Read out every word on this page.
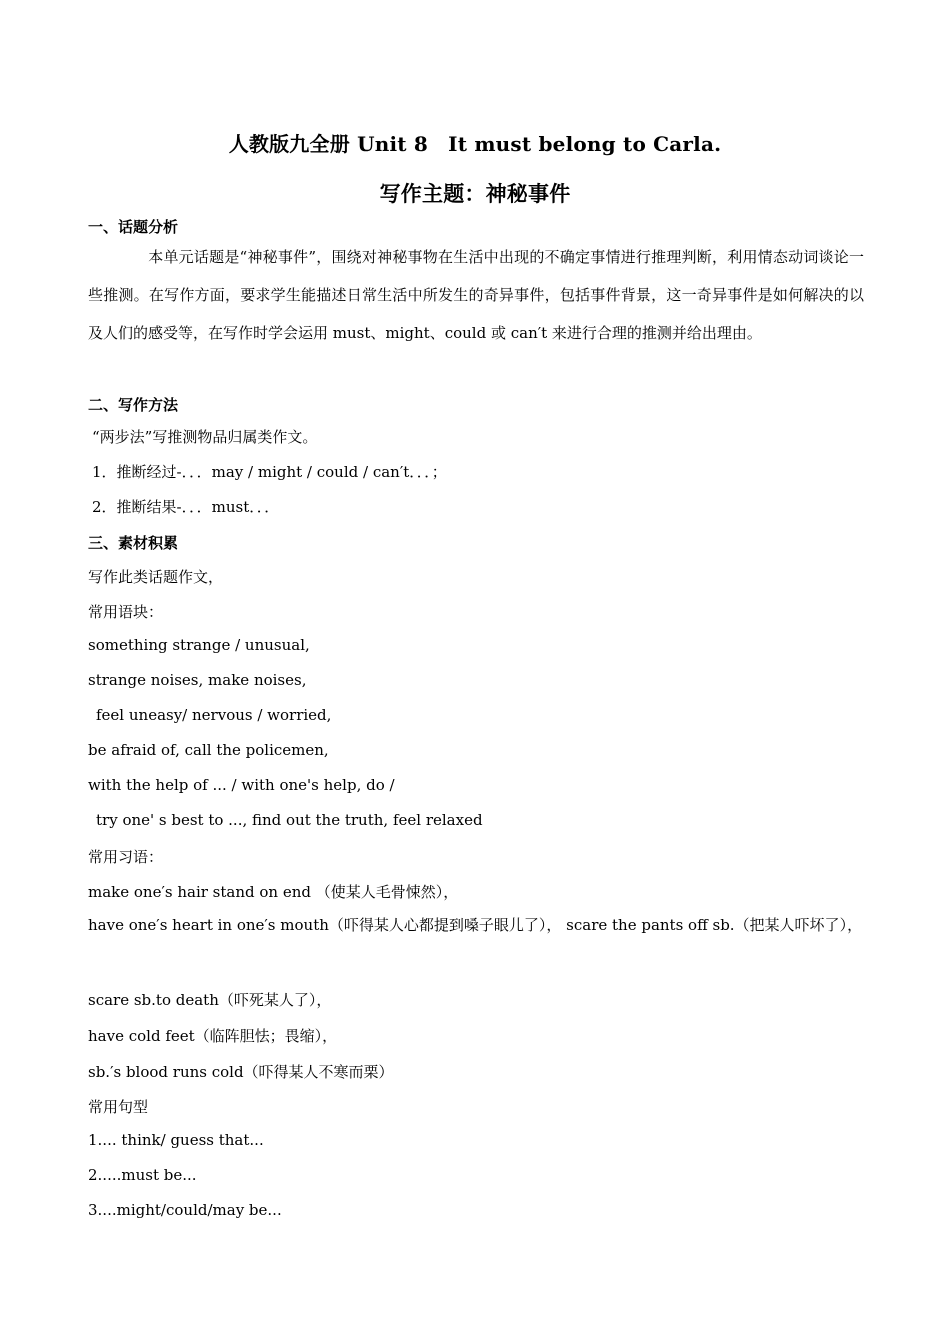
人教版九全册 Unit 8　It must belong to Carla.
写作主题：神秘事件
一、话题分析
本单元话题是“神秘事件”，围绕对神秘事物在生活中出现的不确定事情进行推理判断，利用情态动词谈论一些推测。在写作方面，要求学生能描述日常生活中所发生的奇异事件，包括事件背景，这一奇异事件是如何解决的以及人们的感受等，在写作时学会运用 must、might、could 或 can′t 来进行合理的推测并给出理由。
二、写作方法
“两步法”写推测物品归属类作文。
1．推断经过-．．．may / might / could / can′t．．．；
2．推断结果-．．．must．．．
三、素材积累
写作此类话题作文，
常用语块：
something strange / unusual,
strange noises, make noises,
feel uneasy/ nervous / worried,
be afraid of, call the policemen,
with the help of ... / with one's help, do /
try one' s best to ..., find out the truth, feel relaxed
常用习语：
make one′s hair stand on end （使某人毛骨悚然），
have one′s heart in one′s mouth（吓得某人心都提到嗓子眼儿了）， scare the pants off sb.（把某人吓坏了），
scare sb.to death（吓死某人了），
have cold feet（临阵胆怯；畏缩），
sb.′s blood runs cold（吓得某人不寒而栗）
常用句型
1.... think/ guess that...
2.....must be...
3....might/could/may be...
